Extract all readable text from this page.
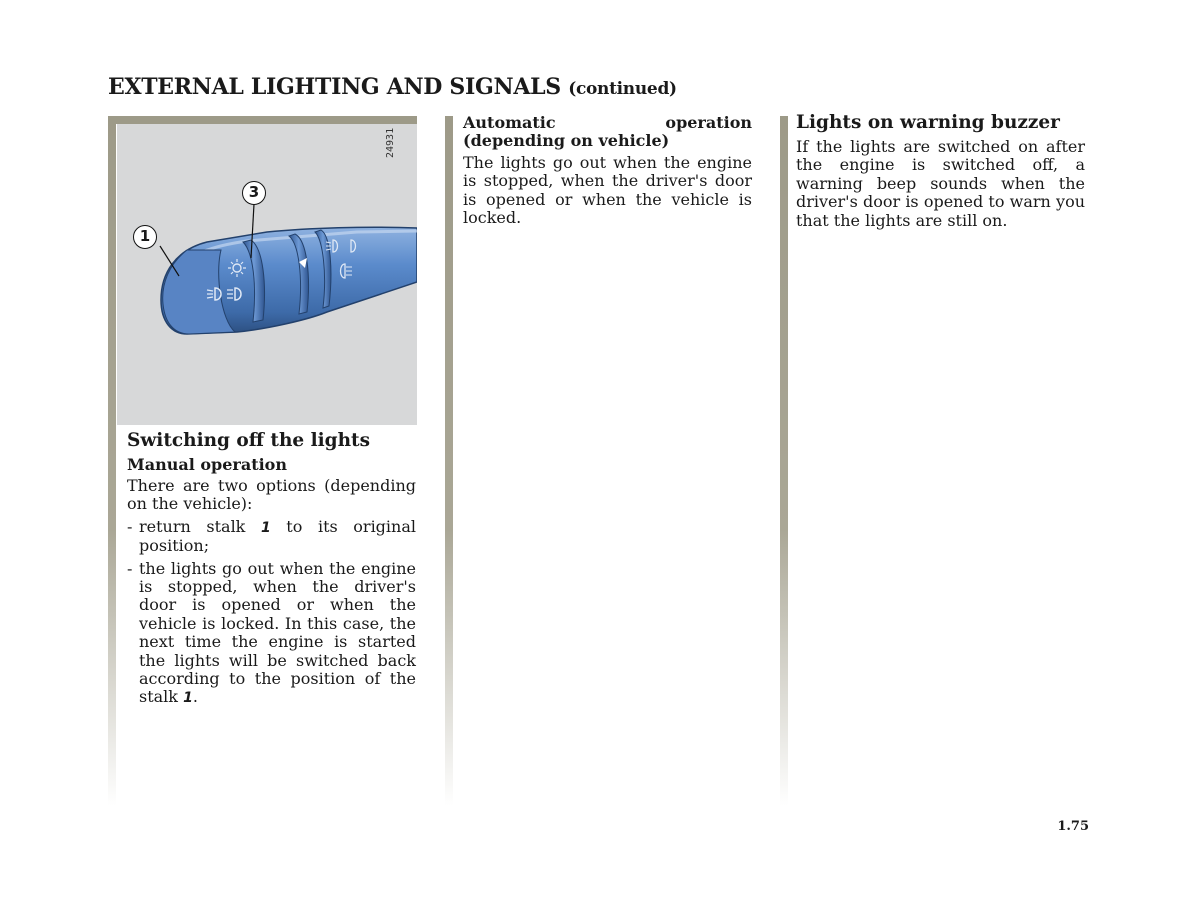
EXTERNAL LIGHTING AND SIGNALS (continued)
1
3
24931
Switching off the lights
Manual operation

There are two options (depending on the vehicle):

- return stalk 1 to its original position;
- the lights go out when the engine is stopped, when the driver's door is opened or when the vehicle is locked. In this case, the next time the engine is started the lights will be switched back according to the position of the stalk 1.
Automatic operation (depending on vehicle)

The lights go out when the engine is stopped, when the driver's door is opened or when the vehicle is locked.

Lights on warning buzzer

If the lights are switched on after the engine is switched off, a warning beep sounds when the driver's door is opened to warn you that the lights are still on.

1.75
